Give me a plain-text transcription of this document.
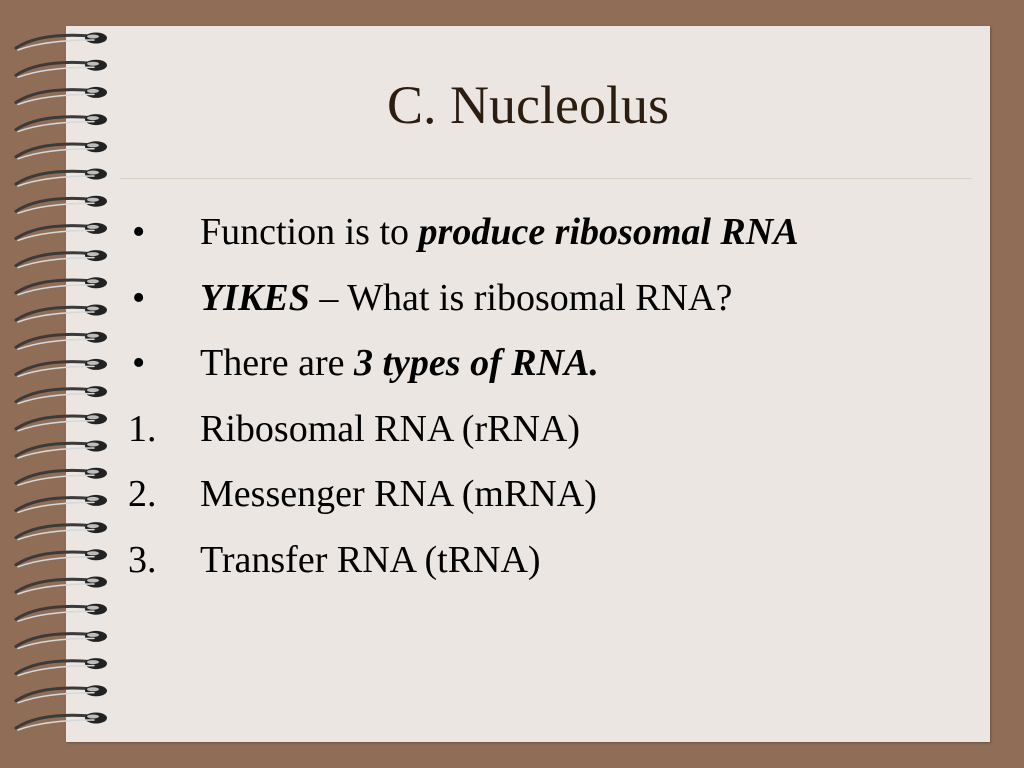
C. Nucleolus
•	Function is to produce ribosomal RNA
•	YIKES – What is ribosomal RNA?
•	There are 3 types of RNA.
1.	Ribosomal RNA (rRNA)
2.	Messenger RNA (mRNA)
3.	Transfer RNA (tRNA)
